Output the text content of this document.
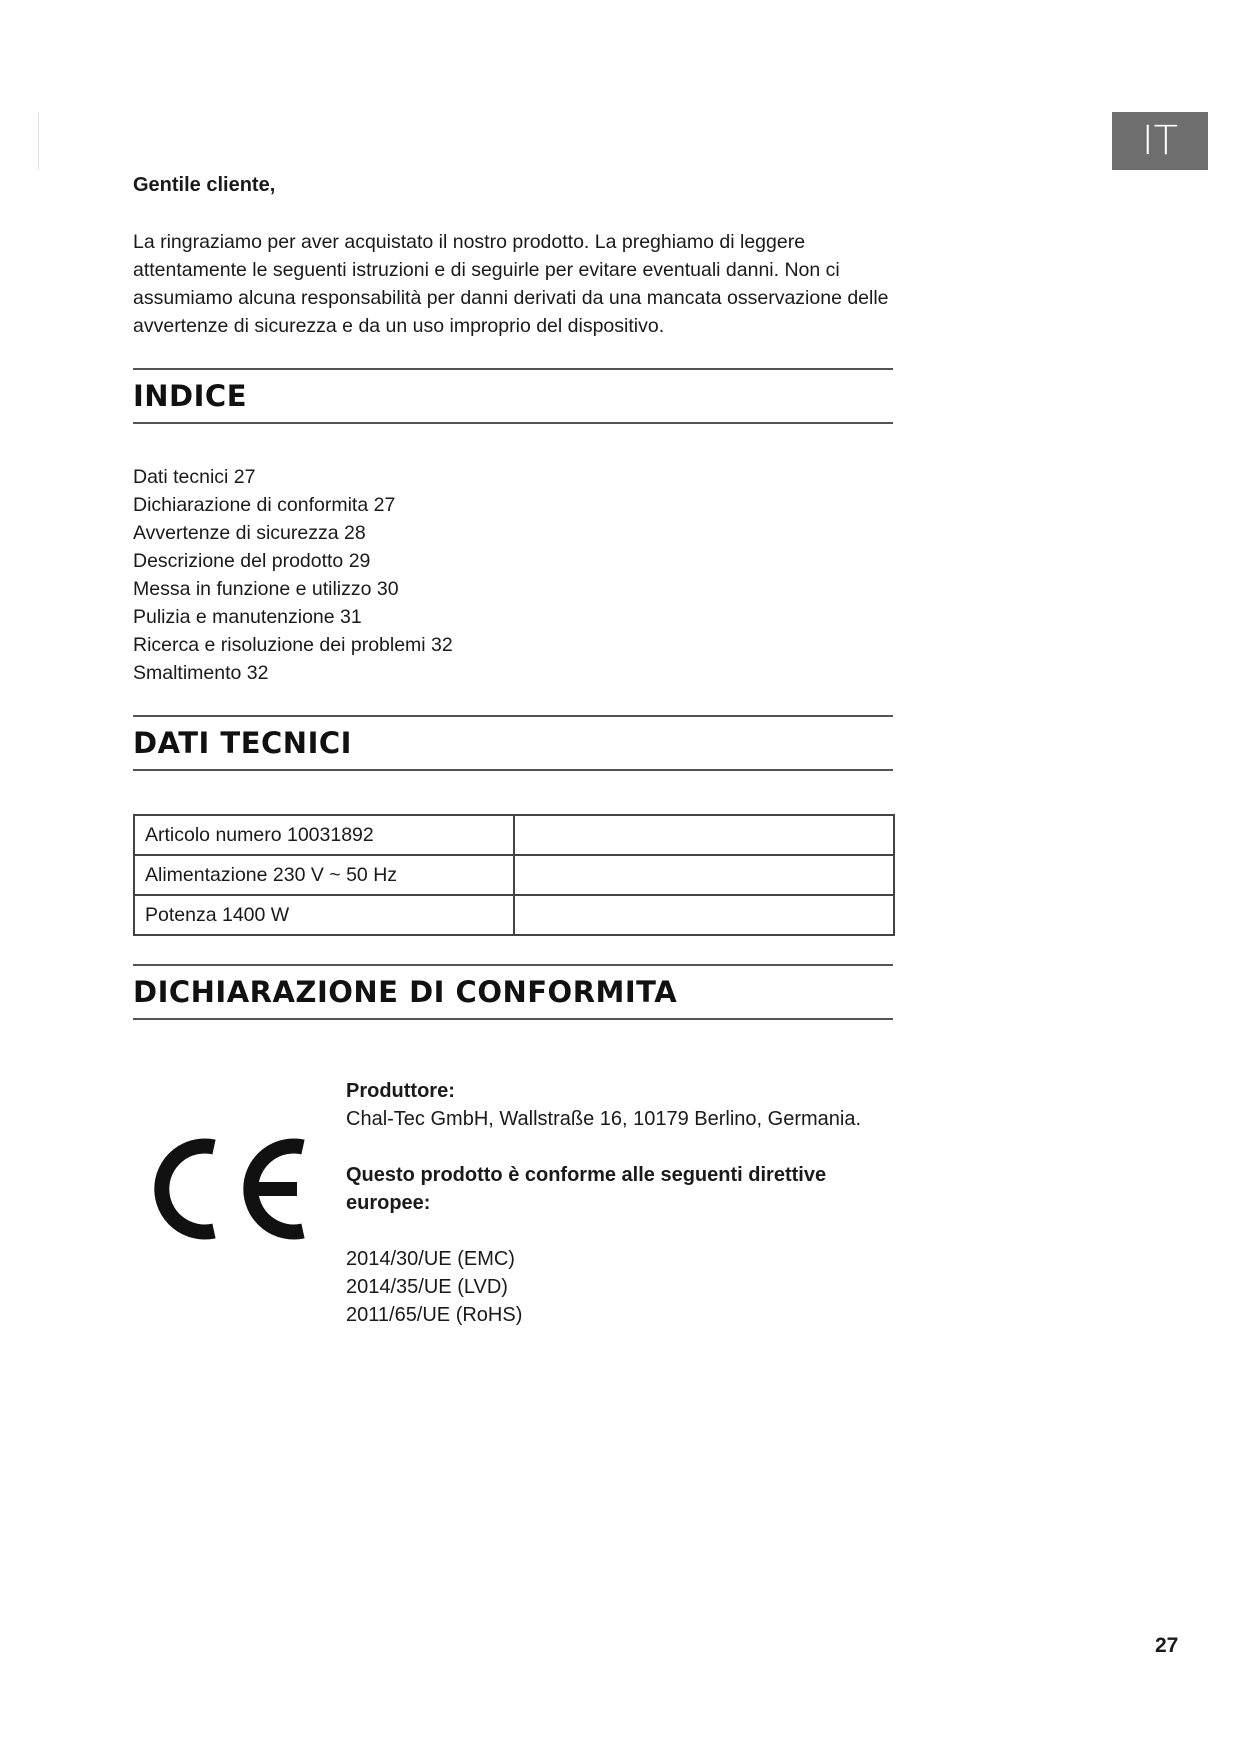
IT
Gentile cliente,
La ringraziamo per aver acquistato il nostro prodotto. La preghiamo di leggere attentamente le seguenti istruzioni e di seguirle per evitare eventuali danni. Non ci assumiamo alcuna responsabilità per danni derivati da una mancata osservazione delle avvertenze di sicurezza e da un uso improprio del dispositivo.
INDICE
Dati tecnici 27
Dichiarazione di conformita 27
Avvertenze di sicurezza 28
Descrizione del prodotto 29
Messa in funzione e utilizzo 30
Pulizia e manutenzione 31
Ricerca e risoluzione dei problemi 32
Smaltimento 32
DATI TECNICI
Articolo numero 10031892	
Alimentazione 230 V ~ 50 Hz	
Potenza 1400 W	
DICHIARAZIONE DI CONFORMITA

Produttore:

Chal-Tec GmbH, Wallstraße 16, 10179 Berlino, Germania.

Questo prodotto è conforme alle seguenti direttive europee:

2014/30/UE (EMC)

2014/35/UE (LVD)

2011/65/UE (RoHS)

27
